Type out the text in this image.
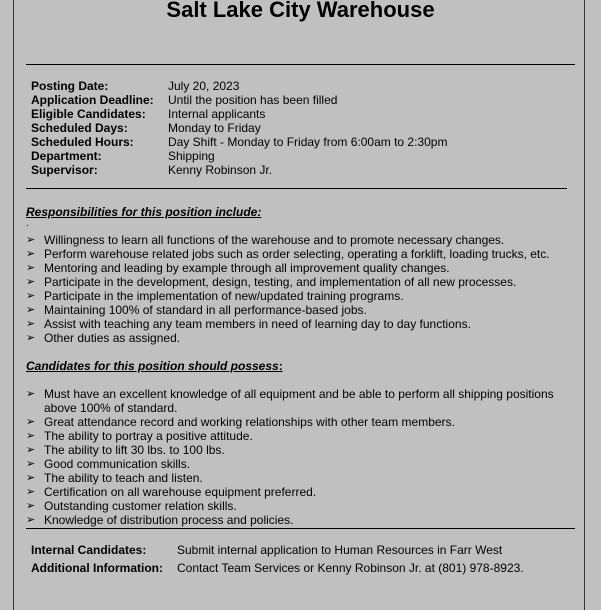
Salt Lake City Warehouse
Posting Date:	July 20, 2023
Application Deadline: Until the position has been filled
Eligible Candidates: Internal applicants
Scheduled Days:	Monday to Friday
Scheduled Hours:	Day Shift - Monday to Friday from 6:00am to 2:30pm
Department:	Shipping
Supervisor:	Kenny Robinson Jr.
Responsibilities for this position include:
.
➢ Willingness to learn all functions of the warehouse and to promote necessary changes.
➢ Perform warehouse related jobs such as order selecting, operating a forklift, loading trucks, etc.
➢ Mentoring and leading by example through all improvement quality changes.
➢ Participate in the development, design, testing, and implementation of all new processes.
➢ Participate in the implementation of new/updated training programs.
➢ Maintaining 100% of standard in all performance-based jobs.
➢ Assist with teaching any team members in need of learning day to day functions.
➢ Other duties as assigned.
Candidates for this position should possess:
➢ Must have an excellent knowledge of all equipment and be able to perform all shipping positions above 100% of standard.
➢ Great attendance record and working relationships with other team members.
➢ The ability to portray a positive attitude.
➢ The ability to lift 30 lbs. to 100 lbs.
➢ Good communication skills.
➢ The ability to teach and listen.
➢ Certification on all warehouse equipment preferred.
➢ Outstanding customer relation skills.
➢ Knowledge of distribution process and policies.
Internal Candidates:	Submit internal application to Human Resources in Farr West
Additional Information: Contact Team Services or Kenny Robinson Jr. at (801) 978-8923.
